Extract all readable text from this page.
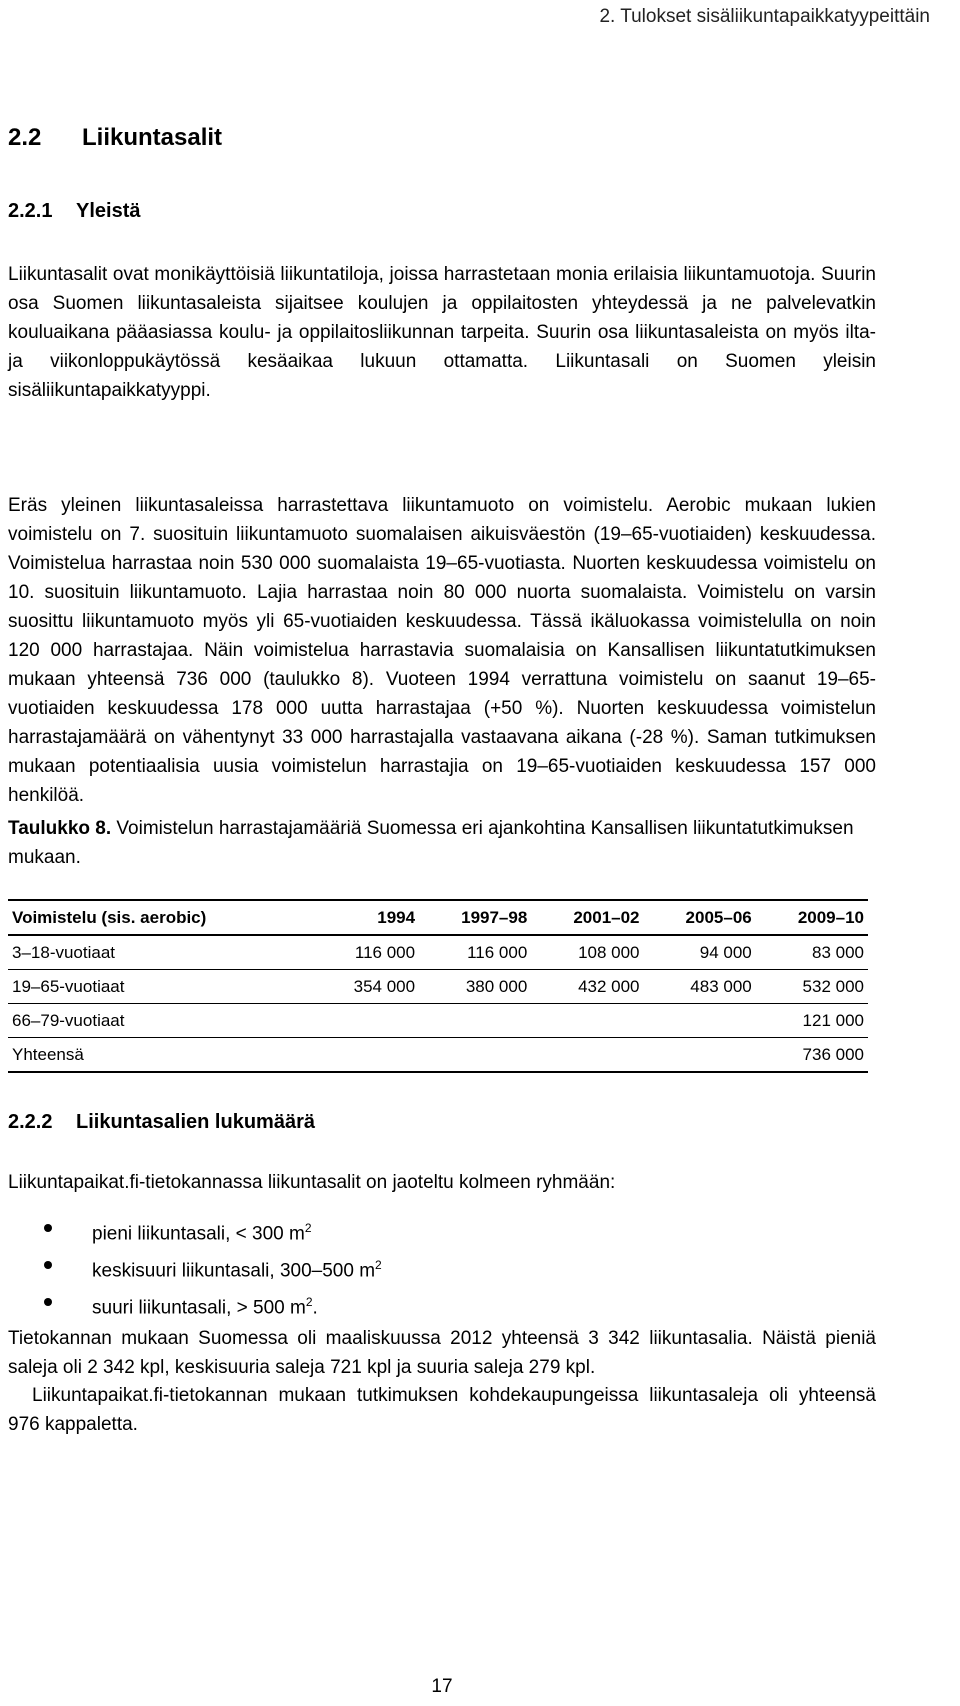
2. Tulokset sisäliikuntapaikkatyypeittäin
2.2 Liikuntasalit
2.2.1 Yleistä

Liikuntasalit ovat monikäyttöisiä liikuntatiloja, joissa harrastetaan monia erilaisia liikuntamuotoja. Suurin osa Suomen liikuntasaleista sijaitsee koulujen ja oppilaitosten yhteydessä ja ne palvelevatkin kouluaikana pääasiassa koulu- ja oppilaitosliikunnan tarpeita. Suurin osa liikuntasaleista on myös ilta- ja viikonloppukäytössä kesäaikaa lukuun ottamatta. Liikuntasali on Suomen yleisin sisäliikuntapaikkatyyppi.

Eräs yleinen liikuntasaleissa harrastettava liikuntamuoto on voimistelu. Aerobic mukaan lukien voimistelu on 7. suosituin liikuntamuoto suomalaisen aikuisväestön (19–65-vuotiaiden) keskuudessa. Voimistelua harrastaa noin 530 000 suomalaista 19–65-vuotiasta. Nuorten keskuudessa voimistelu on 10. suosituin liikuntamuoto. Lajia harrastaa noin 80 000 nuorta suomalaista. Voimistelu on varsin suosittu liikuntamuoto myös yli 65-vuotiaiden keskuudessa. Tässä ikäluokassa voimistelulla on noin 120 000 harrastajaa. Näin voimistelua harrastavia suomalaisia on Kansallisen liikuntatutkimuksen mukaan yhteensä 736 000 (taulukko 8). Vuoteen 1994 verrattuna voimistelu on saanut 19–65-vuotiaiden keskuudessa 178 000 uutta harrastajaa (+50 %). Nuorten keskuudessa voimistelun harrastajamäärä on vähentynyt 33 000 harrastajalla vastaavana aikana (-28 %). Saman tutkimuksen mukaan potentiaalisia uusia voimistelun harrastajia on 19–65-vuotiaiden keskuudessa 157 000 henkilöä.

Taulukko 8. Voimistelun harrastajamääriä Suomessa eri ajankohtina Kansallisen liikuntatutkimuksen mukaan.

Voimistelu (sis. aerobic)	1994	1997–98	2001–02	2005–06	2009–10
3–18-vuotiaat	116 000	116 000	108 000	94 000	83 000
19–65-vuotiaat	354 000	380 000	432 000	483 000	532 000
66–79-vuotiaat					121 000
Yhteensä					736 000
2.2.2 Liikuntasalien lukumäärä

Liikuntapaikat.fi-tietokannassa liikuntasalit on jaoteltu kolmeen ryhmään:

pieni liikuntasali, < 300 $m^2$
keskisuuri liikuntasali, 300–500 $m^2$
suuri liikuntasali, > 500 $m^2$.

Tietokannan mukaan Suomessa oli maaliskuussa 2012 yhteensä 3 342 liikuntasalia. Näistä pieniä saleja oli 2 342 kpl, keskisuuria saleja 721 kpl ja suuria saleja 279 kpl.

Liikuntapaikat.fi-tietokannan mukaan tutkimuksen kohdekaupungeissa liikuntasaleja oli yhteensä 976 kappaletta.

17
